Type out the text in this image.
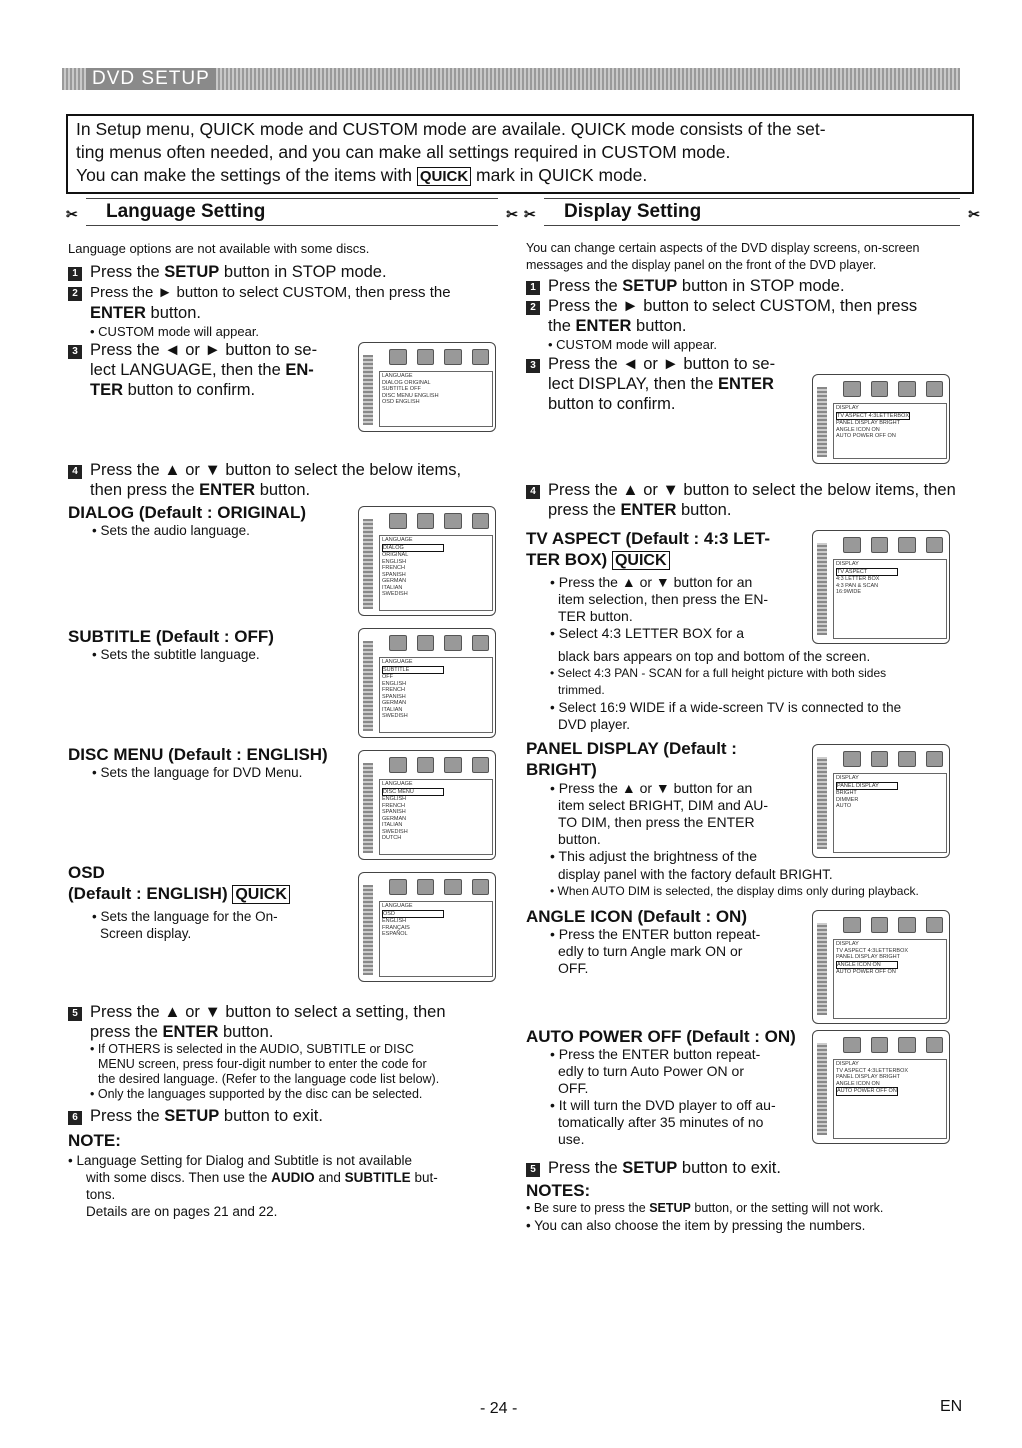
DVD SETUP
In Setup menu, QUICK mode and CUSTOM mode are availale. QUICK mode consists of the set-
ting menus often needed, and you can make all settings required in CUSTOM mode.
You can make the settings of the items with QUICK mark in QUICK mode.
✂ Language Setting	✂
Language options are not available with some discs.
1 Press the SETUP button in STOP mode.
2 Press the ► button to select CUSTOM, then press the
ENTER button.
• CUSTOM mode will appear.
3 Press the ◄ or ► button to se-
lect LANGUAGE, then the EN-
TER button to confirm.
LANGUAGE
DIALOG ORIGINAL
SUBTITLE OFF
DISC MENU ENGLISH
OSD ENGLISH
4 Press the ▲ or ▼ button to select the below items,
then press the ENTER button.
DIALOG (Default : ORIGINAL)
• Sets the audio language.
LANGUAGE
DIALOG
ORIGINAL
ENGLISH
FRENCH
SPANISH
GERMAN
ITALIAN
SWEDISH
SUBTITLE (Default : OFF)
• Sets the subtitle language.	LANGUAGE
SUBTITLE
OFF
ENGLISH
FRENCH
SPANISH
GERMAN
ITALIAN
SWEDISH
DISC MENU (Default : ENGLISH)
• Sets the language for DVD Menu.
LANGUAGE
DISC MENU
ENGLISH
FRENCH
SPANISH
GERMAN
ITALIAN
SWEDISH
DUTCH
OSD
(Default : ENGLISH) QUICK
• Sets the language for the On-
Screen display.
LANGUAGE
OSD
ENGLISH
FRANÇAIS
ESPAÑOL
5 Press the ▲ or ▼ button to select a setting, then
press the ENTER button.
• If OTHERS is selected in the AUDIO, SUBTITLE or DISC
MENU screen, press four-digit number to enter the code for
the desired language. (Refer to the language code list below).
• Only the languages supported by the disc can be selected.
6 Press the SETUP button to exit.
NOTE:
• Language Setting for Dialog and Subtitle is not available
with some discs. Then use the AUDIO and SUBTITLE but-
tons.
Details are on pages 21 and 22.
✂ Display Setting	✂
You can change certain aspects of the DVD display screens, on-screen
messages and the display panel on the front of the DVD player.
1 Press the SETUP button in STOP mode.
2 Press the ► button to select CUSTOM, then press
the ENTER button.
• CUSTOM mode will appear.
3 Press the ◄ or ► button to se-
lect DISPLAY, then the ENTER
button to confirm.	DISPLAY
TV ASPECT 4:3LETTERBOX
PANEL DISPLAY BRIGHT
ANGLE ICON ON
AUTO POWER OFF ON
4 Press the ▲ or ▼ button to select the below items, then
press the ENTER button.
TV ASPECT (Default : 4:3 LET-
TER BOX) QUICK
• Press the ▲ or ▼ button for an
item selection, then press the EN-
TER button.
• Select 4:3 LETTER BOX for a
DISPLAY
TV ASPECT
4:3 LETTER BOX
4:3 PAN & SCAN
16:9WIDE
black bars appears on top and bottom of the screen.
• Select 4:3 PAN - SCAN for a full height picture with both sides
trimmed.
• Select 16:9 WIDE if a wide-screen TV is connected to the
DVD player.
PANEL DISPLAY (Default :
BRIGHT)
• Press the ▲ or ▼ button for an
item select BRIGHT, DIM and AU-
TO DIM, then press the ENTER
button.
• This adjust the brightness of the
DISPLAY
PANEL DISPLAY
BRIGHT
DIMMER
AUTO
display panel with the factory default BRIGHT.
• When AUTO DIM is selected, the display dims only during playback.
ANGLE ICON (Default : ON)
• Press the ENTER button repeat-
edly to turn Angle mark ON or
OFF.
DISPLAY
TV ASPECT 4:3LETTERBOX
PANEL DISPLAY BRIGHT
ANGLE ICON ON
AUTO POWER OFF ON
AUTO POWER OFF (Default : ON)
• Press the ENTER button repeat-
edly to turn Auto Power ON or
OFF.
• It will turn the DVD player to off au-
tomatically after 35 minutes of no
use.
DISPLAY
TV ASPECT 4:3LETTERBOX
PANEL DISPLAY BRIGHT
ANGLE ICON ON
AUTO POWER OFF ON
5 Press the SETUP button to exit.
NOTES:
• Be sure to press the SETUP button, or the setting will not work.
• You can also choose the item by pressing the numbers.
- 24 -	EN
